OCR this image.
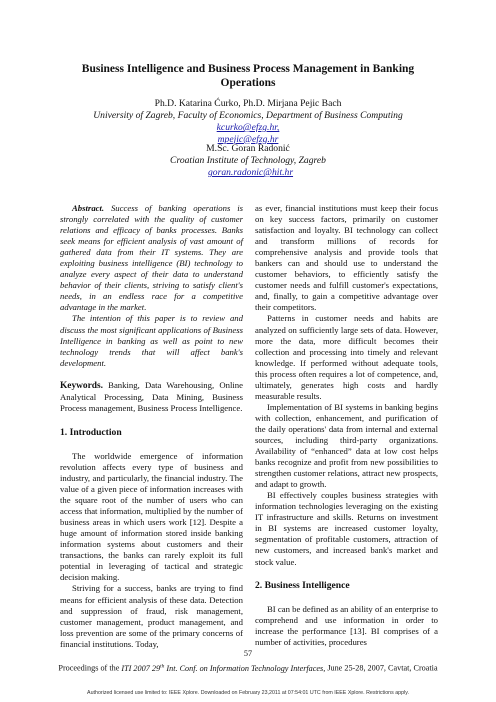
Business Intelligence and Business Process Management in Banking Operations
Ph.D. Katarina Ćurko, Ph.D. Mirjana Pejic Bach
University of Zagreb, Faculty of Economics, Department of Business Computing
kcurko@efzg.hr, mpejic@efzg.hr
M.Sc. Goran Radonić
Croatian Institute of Technology, Zagreb
goran.radonic@hit.hr

Abstract. Success of banking operations is strongly correlated with the quality of customer relations and efficacy of banks processes. Banks seek means for efficient analysis of vast amount of gathered data from their IT systems. They are exploiting business intelligence (BI) technology to analyze every aspect of their data to understand behavior of their clients, striving to satisfy client's needs, in an endless race for a competitive advantage in the market.

The intention of this paper is to review and discuss the most significant applications of Business Intelligence in banking as well as point to new technology trends that will affect bank's development.

Keywords. Banking, Data Warehousing, Online Analytical Processing, Data Mining, Business Process management, Business Process Intelligence.

1. Introduction

The worldwide emergence of information revolution affects every type of business and industry, and particularly, the financial industry. The value of a given piece of information increases with the square root of the number of users who can access that information, multiplied by the number of business areas in which users work [12]. Despite a huge amount of information stored inside banking information systems about customers and their transactions, the banks can rarely exploit its full potential in leveraging of tactical and strategic decision making.

Striving for a success, banks are trying to find means for efficient analysis of these data. Detection and suppression of fraud, risk management, customer management, product management, and loss prevention are some of the primary concerns of financial institutions. Today,

as ever, financial institutions must keep their focus on key success factors, primarily on customer satisfaction and loyalty. BI technology can collect and transform millions of records for comprehensive analysis and provide tools that bankers can and should use to understand the customer behaviors, to efficiently satisfy the customer needs and fulfill customer's expectations, and, finally, to gain a competitive advantage over their competitors.

Patterns in customer needs and habits are analyzed on sufficiently large sets of data. However, more the data, more difficult becomes their collection and processing into timely and relevant knowledge. If performed without adequate tools, this process often requires a lot of competence, and, ultimately, generates high costs and hardly measurable results.

Implementation of BI systems in banking begins with collection, enhancement, and purification of the daily operations' data from internal and external sources, including third-party organizations. Availability of “enhanced” data at low cost helps banks recognize and profit from new possibilities to strengthen customer relations, attract new prospects, and adapt to growth.

BI effectively couples business strategies with information technologies leveraging on the existing IT infrastructure and skills. Returns on investment in BI systems are increased customer loyalty, segmentation of profitable customers, attraction of new customers, and increased bank's market and stock value.

2. Business Intelligence

BI can be defined as an ability of an enterprise to comprehend and use information in order to increase the performance [13]. BI comprises of a number of activities, procedures

57
Proceedings of the ITI 2007 29th Int. Conf. on Information Technology Interfaces, June 25-28, 2007, Cavtat, Croatia
Authorized licensed use limited to: IEEE Xplore. Downloaded on February 23,2011 at 07:54:01 UTC from IEEE Xplore. Restrictions apply.
